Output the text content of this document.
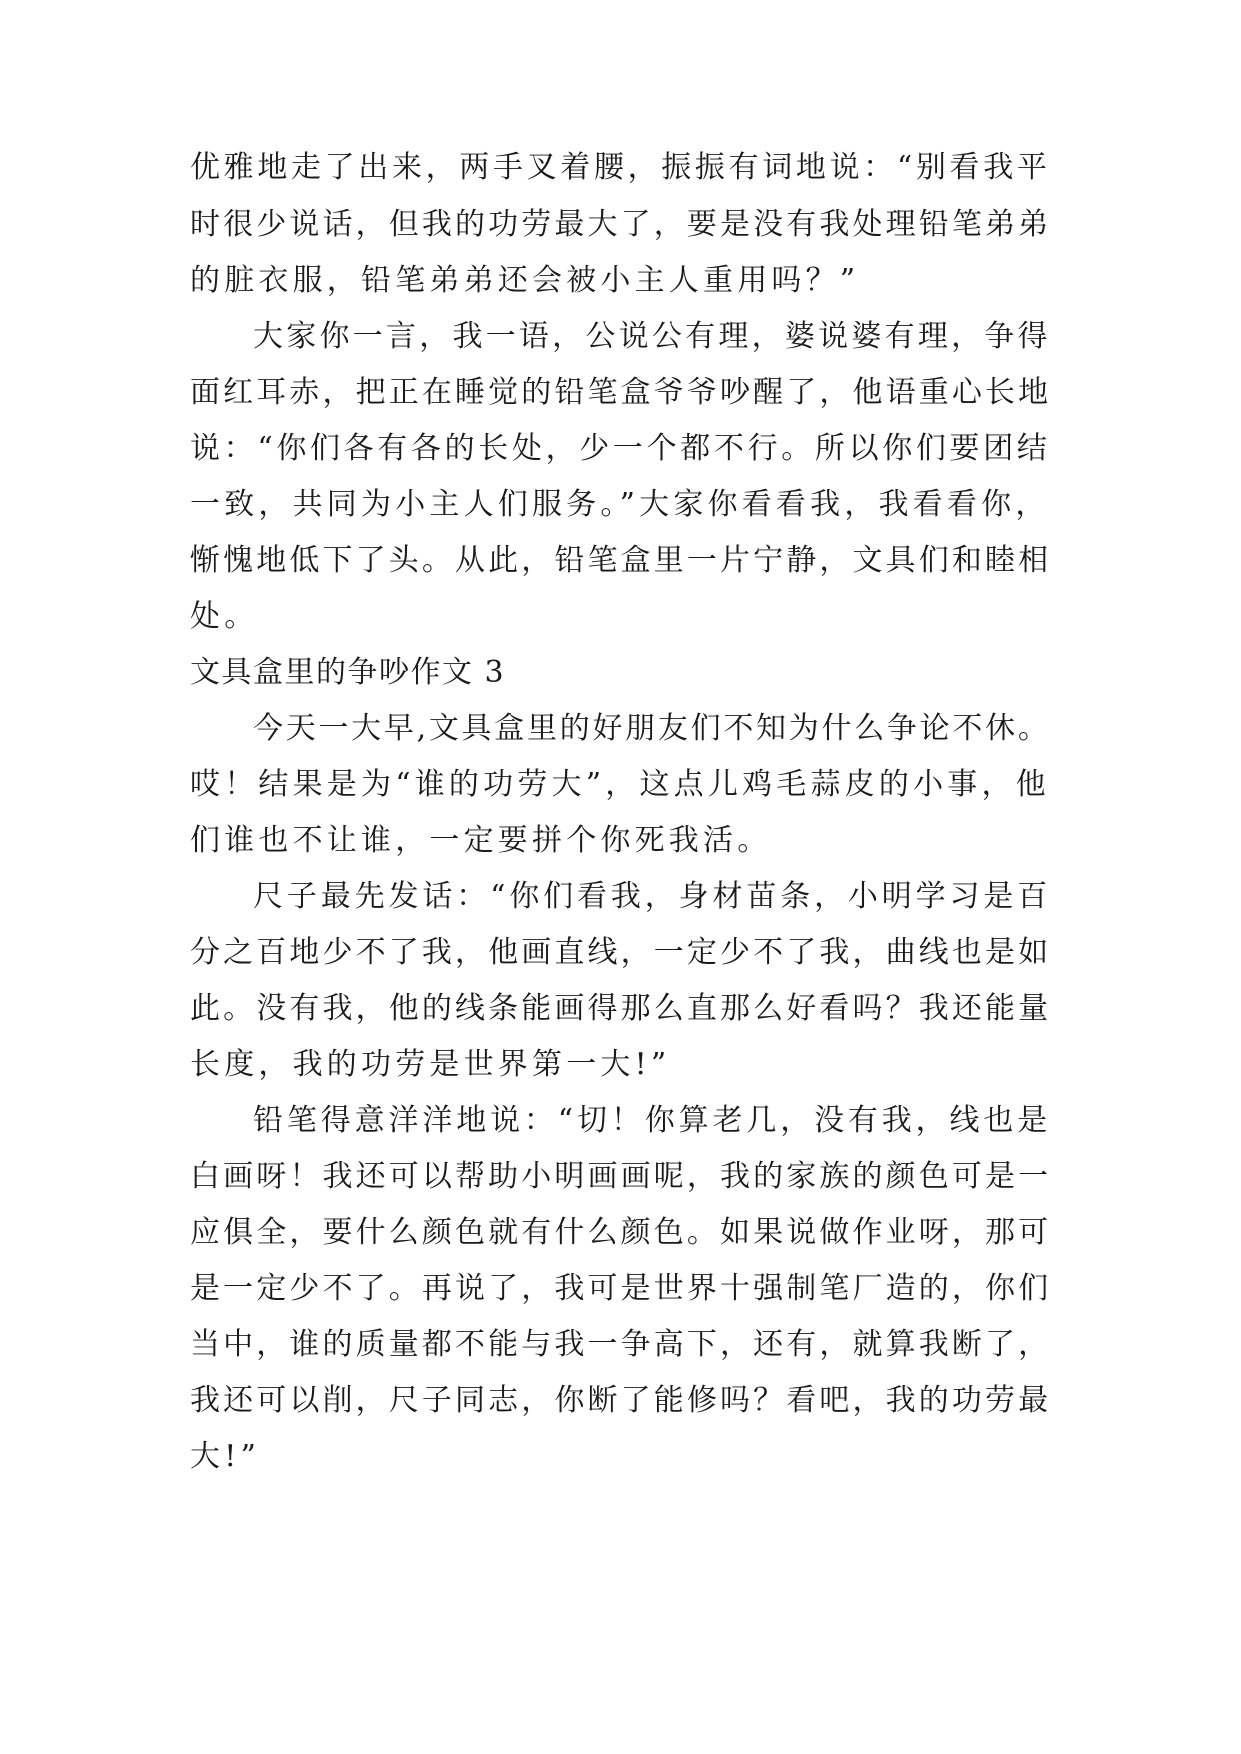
优雅地走了出来，两手叉着腰，振振有词地说：“别看我平
时很少说话，但我的功劳最大了，要是没有我处理铅笔弟弟
的脏衣服，铅笔弟弟还会被小主人重用吗？”
大家你一言，我一语，公说公有理，婆说婆有理，争得
面红耳赤，把正在睡觉的铅笔盒爷爷吵醒了，他语重心长地
说：“你们各有各的长处，少一个都不行。所以你们要团结
一致，共同为小主人们服务。”大家你看看我，我看看你，
惭愧地低下了头。从此，铅笔盒里一片宁静，文具们和睦相
处。
文具盒里的争吵作文 3
今天一大早,文具盒里的好朋友们不知为什么争论不休。
哎！结果是为“谁的功劳大”，这点儿鸡毛蒜皮的小事，他
们谁也不让谁，一定要拼个你死我活。
尺子最先发话：“你们看我，身材苗条，小明学习是百
分之百地少不了我，他画直线，一定少不了我，曲线也是如
此。没有我，他的线条能画得那么直那么好看吗？我还能量
长度，我的功劳是世界第一大!”
铅笔得意洋洋地说：“切！你算老几，没有我，线也是
白画呀！我还可以帮助小明画画呢，我的家族的颜色可是一
应俱全，要什么颜色就有什么颜色。如果说做作业呀，那可
是一定少不了。再说了，我可是世界十强制笔厂造的，你们
当中，谁的质量都不能与我一争高下，还有，就算我断了，
我还可以削，尺子同志，你断了能修吗？看吧，我的功劳最
大!”
